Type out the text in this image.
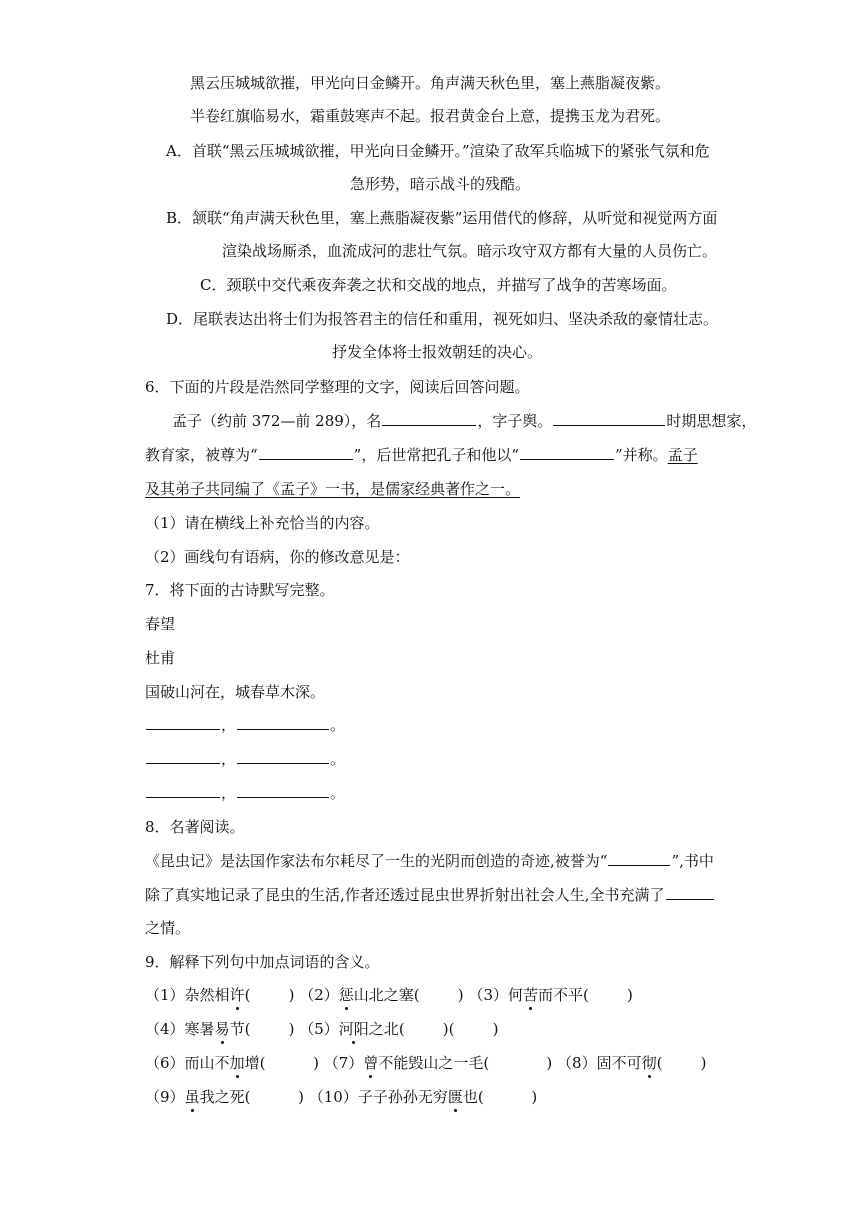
黑云压城城欲摧，甲光向日金鳞开。角声满天秋色里，塞上燕脂凝夜紫。
半卷红旗临易水，霜重鼓寒声不起。报君黄金台上意，提携玉龙为君死。
A．首联“黑云压城城欲摧，甲光向日金鳞开。”渲染了敌军兵临城下的紧张气氛和危
急形势，暗示战斗的残酷。
B．颔联“角声满天秋色里，塞上燕脂凝夜紫”运用借代的修辞，从听觉和视觉两方面
渲染战场厮杀，血流成河的悲壮气氛。暗示攻守双方都有大量的人员伤亡。
C．颈联中交代乘夜奔袭之状和交战的地点，并描写了战争的苦寒场面。
D．尾联表达出将士们为报答君主的信任和重用，视死如归、坚决杀敌的豪情壮志。
抒发全体将士报效朝廷的决心。
6．下面的片段是浩然同学整理的文字，阅读后回答问题。
孟子（约前 372—前 289），名	，字子舆。	时期思想家，
教育家，被尊为“	”，后世常把孔子和他以“	”并称。孟子
及其弟子共同编了《孟子》一书，是儒家经典著作之一。
（1）请在横线上补充恰当的内容。
（2）画线句有语病，你的修改意见是：
7．将下面的古诗默写完整。
春望
杜甫
国破山河在，城春草木深。
，	。
，	。
，	。
8．名著阅读。
《昆虫记》是法国作家法布尔耗尽了一生的光阴而创造的奇迹,被誉为“	”,书中
除了真实地记录了昆虫的生活,作者还透过昆虫世界折射出社会人生,全书充满了
之情。
9．解释下列句中加点词语的含义。
（1）杂然相许(        ) （2）惩山北之塞(        ) （3）何苦而不平(        )
（4）寒暑易节(        ) （5）河阳之北(        )(        )
（6）而山不加增(          ) （7）曾不能毁山之一毛(            ) （8）固不可彻(        )
（9）虽我之死(          ) （10）子子孙孙无穷匮也(          )
